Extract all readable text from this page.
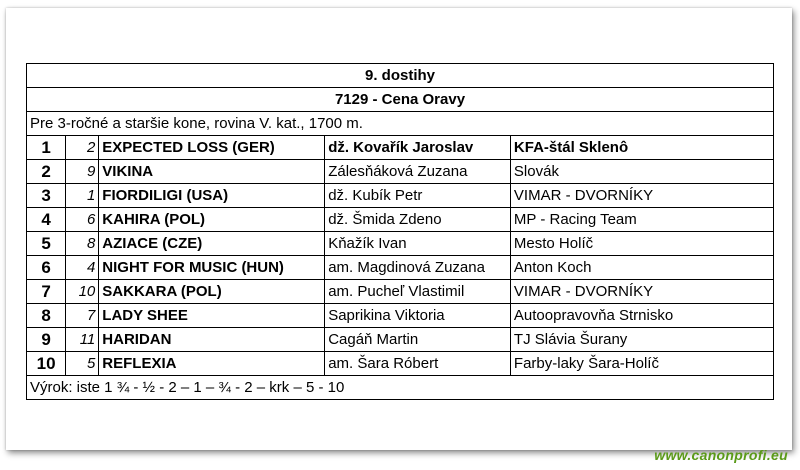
9. dostihy				
7129 - Cena Oravy				
Pre 3-ročné a staršie kone, rovina V. kat., 1700 m.				
1	2	EXPECTED LOSS (GER)	dž. Kovařík Jaroslav	KFA-štál Sklenô
2	9	VIKINA	Zálesňáková Zuzana	Slovák
3	1	FIORDILIGI (USA)	dž. Kubík Petr	VIMAR - DVORNÍKY
4	6	KAHIRA (POL)	dž. Šmida Zdeno	MP - Racing Team
5	8	AZIACE (CZE)	Kňažík Ivan	Mesto Holíč
6	4	NIGHT FOR MUSIC (HUN)	am. Magdinová Zuzana	Anton Koch
7	10	SAKKARA (POL)	am. Pucheľ Vlastimil	VIMAR - DVORNÍKY
8	7	LADY SHEE	Saprikina Viktoria	Autoopravovňa Strnisko
9	11	HARIDAN	Cagáň Martin	TJ Slávia Šurany
10	5	REFLEXIA	am. Šara Róbert	Farby-laky Šara-Holíč
Výrok: iste 1 ¾ - ½ - 2 – 1 – ¾ - 2 – krk – 5 - 10				
www.canonprofi.eu
